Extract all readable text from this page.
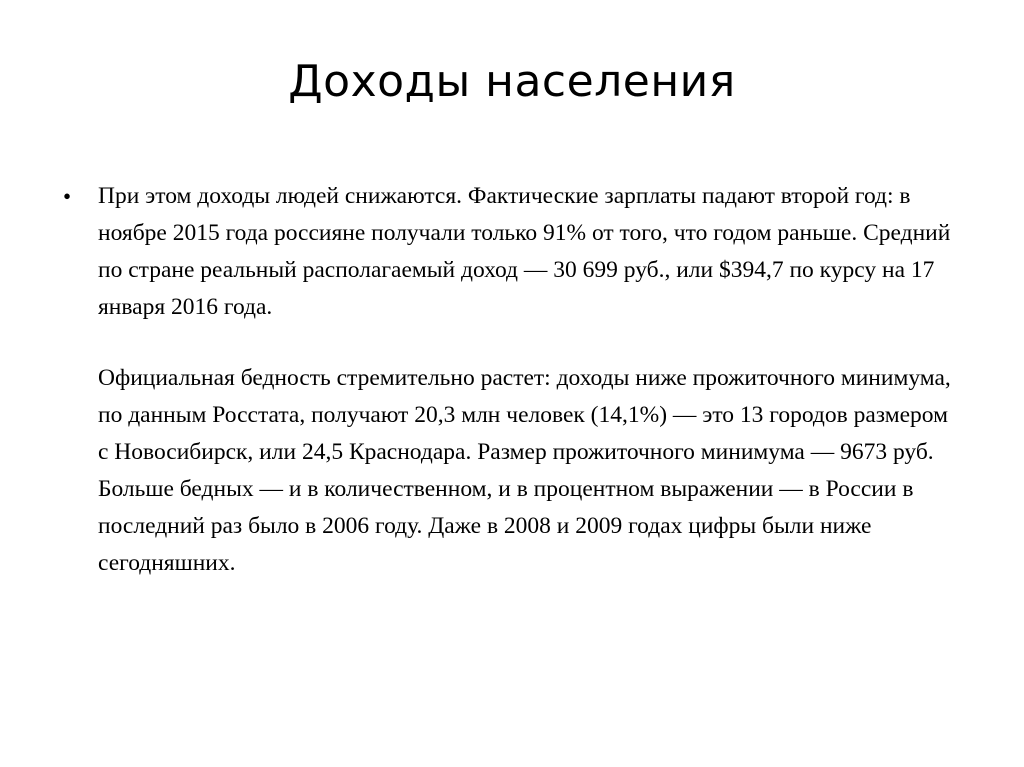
Доходы населения
•	При этом доходы людей снижаются. Фактические зарплаты падают второй год: в ноябре 2015 года россияне получали только 91% от того, что годом раньше. Средний по стране реальный располагаемый доход — 30 699 руб., или $394,7 по курсу на 17 января 2016 года.
Официальная бедность стремительно растет: доходы ниже прожиточного минимума, по данным Росстата, получают 20,3 млн человек (14,1%) — это 13 городов размером с Новосибирск, или 24,5 Краснодара. Размер прожиточного минимума — 9673 руб. Больше бедных — и в количественном, и в процентном выражении — в России в последний раз было в 2006 году. Даже в 2008 и 2009 годах цифры были ниже сегодняшних.
